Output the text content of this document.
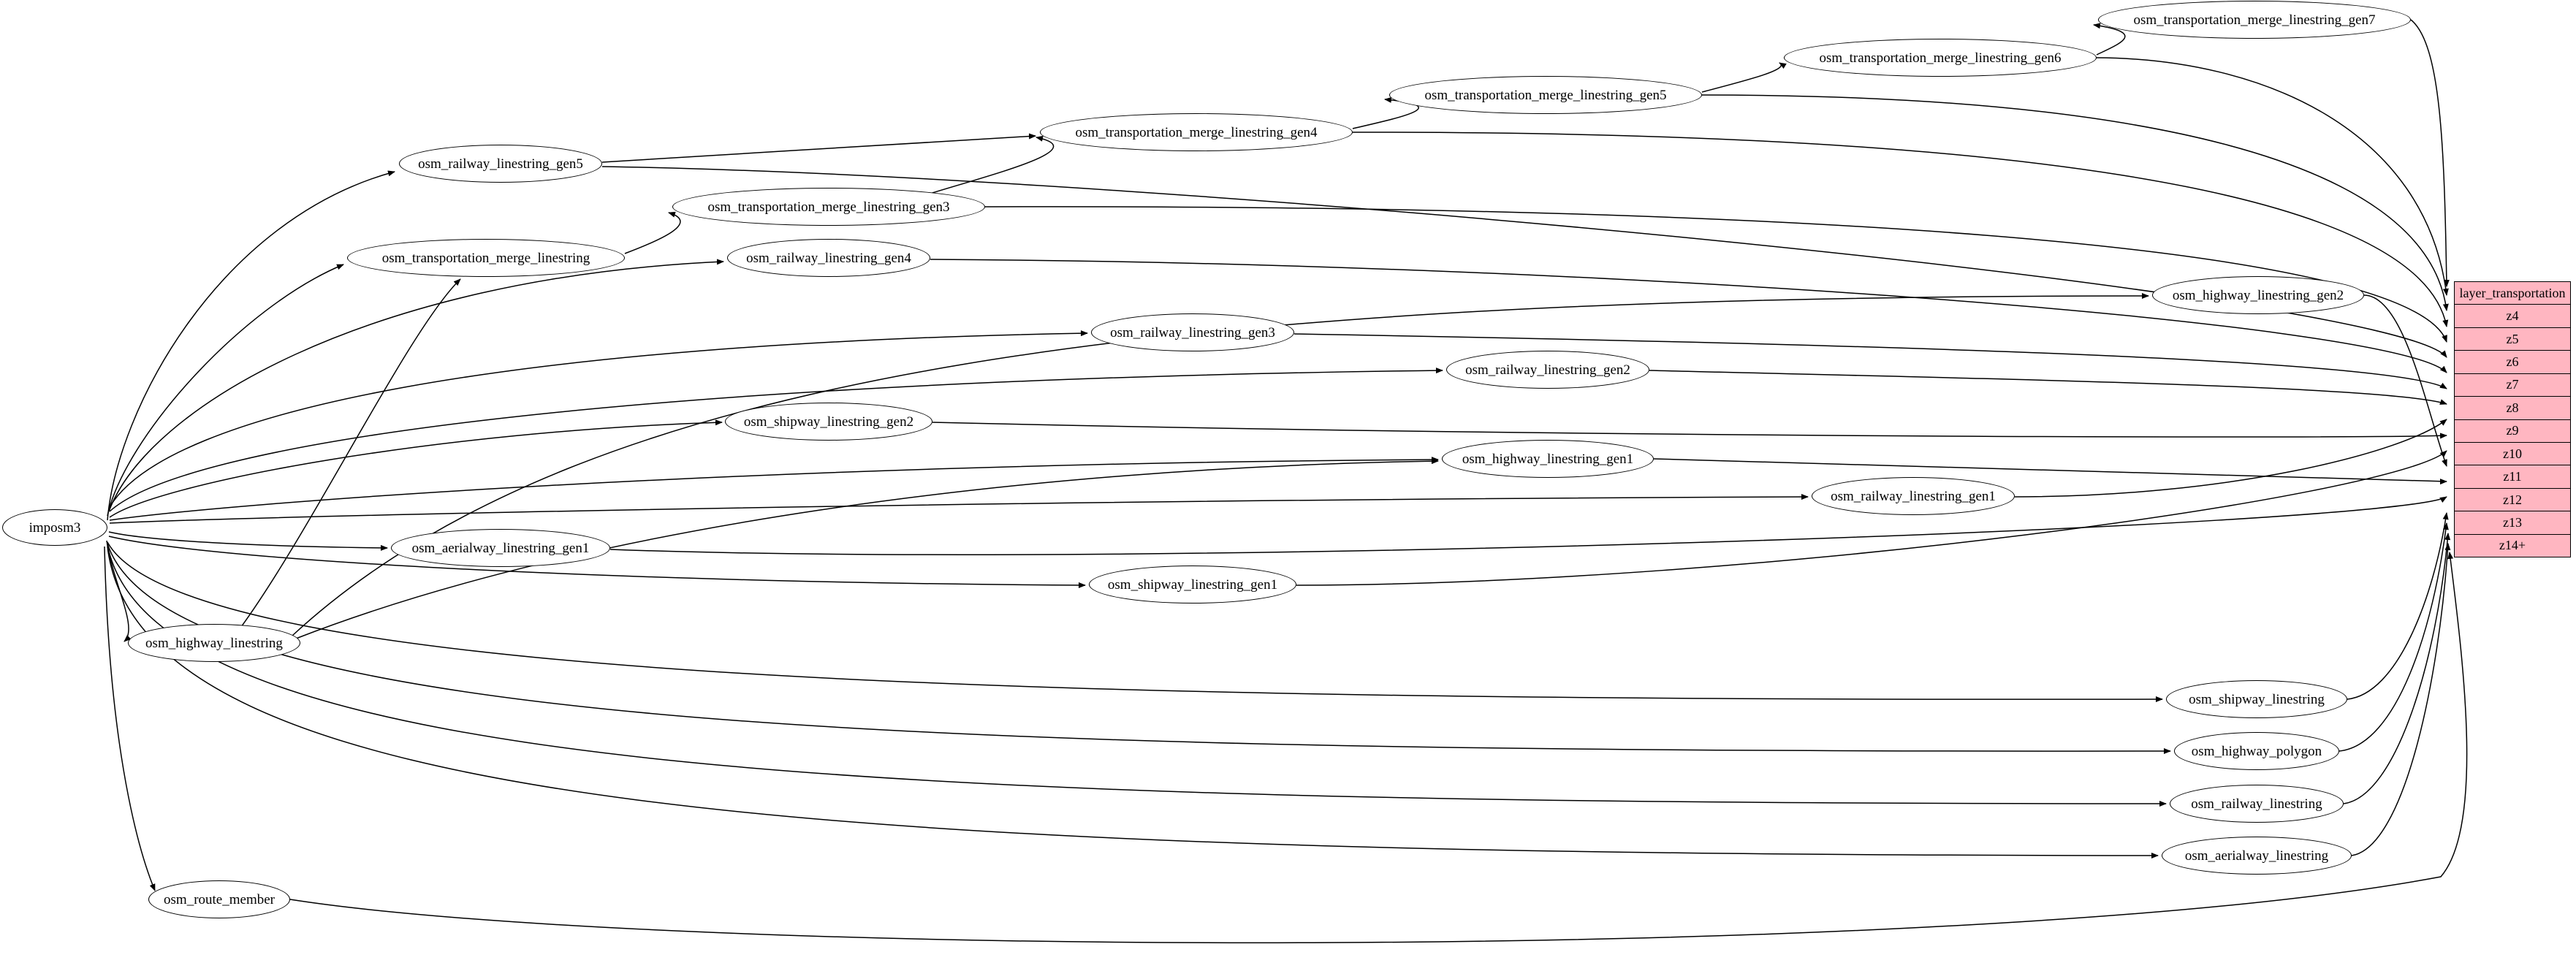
imposm3
osm_railway_linestring_gen5
osm_transportation_merge_linestring_gen7
osm_transportation_merge_linestring_gen6
osm_transportation_merge_linestring_gen5
osm_transportation_merge_linestring_gen4
osm_transportation_merge_linestring_gen3
osm_transportation_merge_linestring	osm_railway_linestring_gen4
osm_highway_linestring_gen2
osm_railway_linestring_gen3
osm_railway_linestring_gen2
osm_shipway_linestring_gen2
osm_highway_linestring_gen1
osm_railway_linestring_gen1
osm_aerialway_linestring_gen1
osm_shipway_linestring_gen1
osm_highway_linestring
osm_shipway_linestring
osm_highway_polygon
osm_railway_linestring
osm_aerialway_linestring
osm_route_member
layer_transportation
z4
z5
z6
z7
z8
z9
z10
z11
z12
z13
z14+
